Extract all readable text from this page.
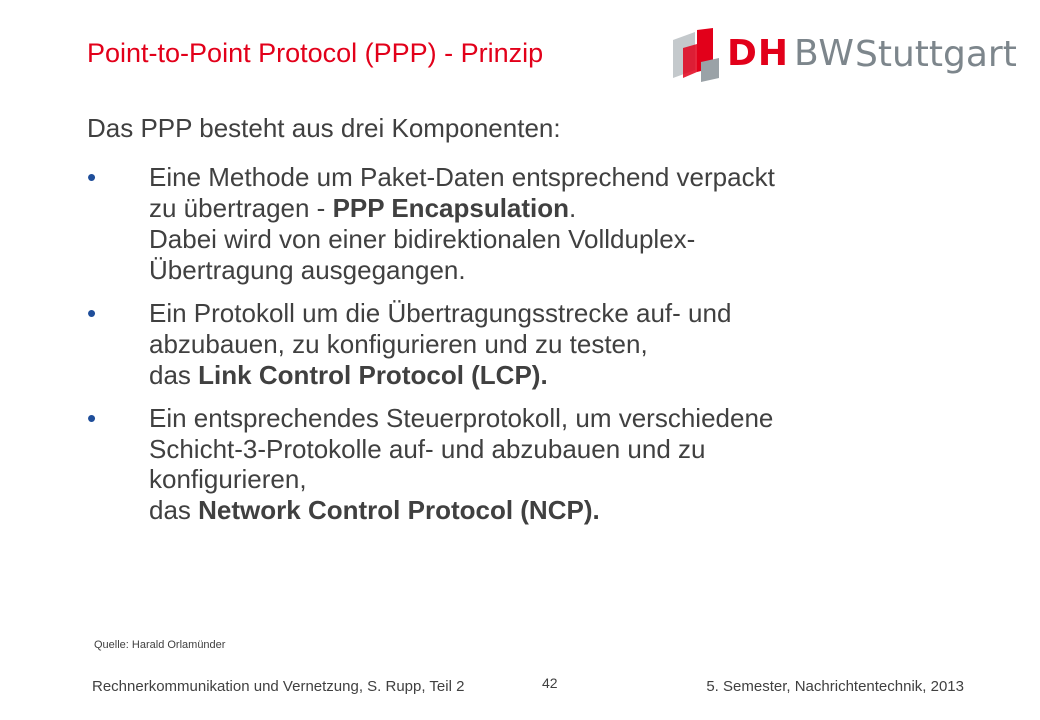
Point-to-Point Protocol (PPP) - Prinzip	DH BW Stuttgart
Das PPP besteht aus drei Komponenten:
• Eine Methode um Paket-Daten entsprechend verpackt
zu übertragen - PPP Encapsulation.
Dabei wird von einer bidirektionalen Vollduplex-
Übertragung ausgegangen.
• Ein Protokoll um die Übertragungsstrecke auf- und
abzubauen, zu konfigurieren und zu testen,
das Link Control Protocol (LCP).
• Ein entsprechendes Steuerprotokoll, um verschiedene
Schicht-3-Protokolle auf- und abzubauen und zu
konfigurieren,
das Network Control Protocol (NCP).
Quelle: Harald Orlamünder
Rechnerkommunikation und Vernetzung, S. Rupp, Teil 2	42	5. Semester, Nachrichtentechnik, 2013
